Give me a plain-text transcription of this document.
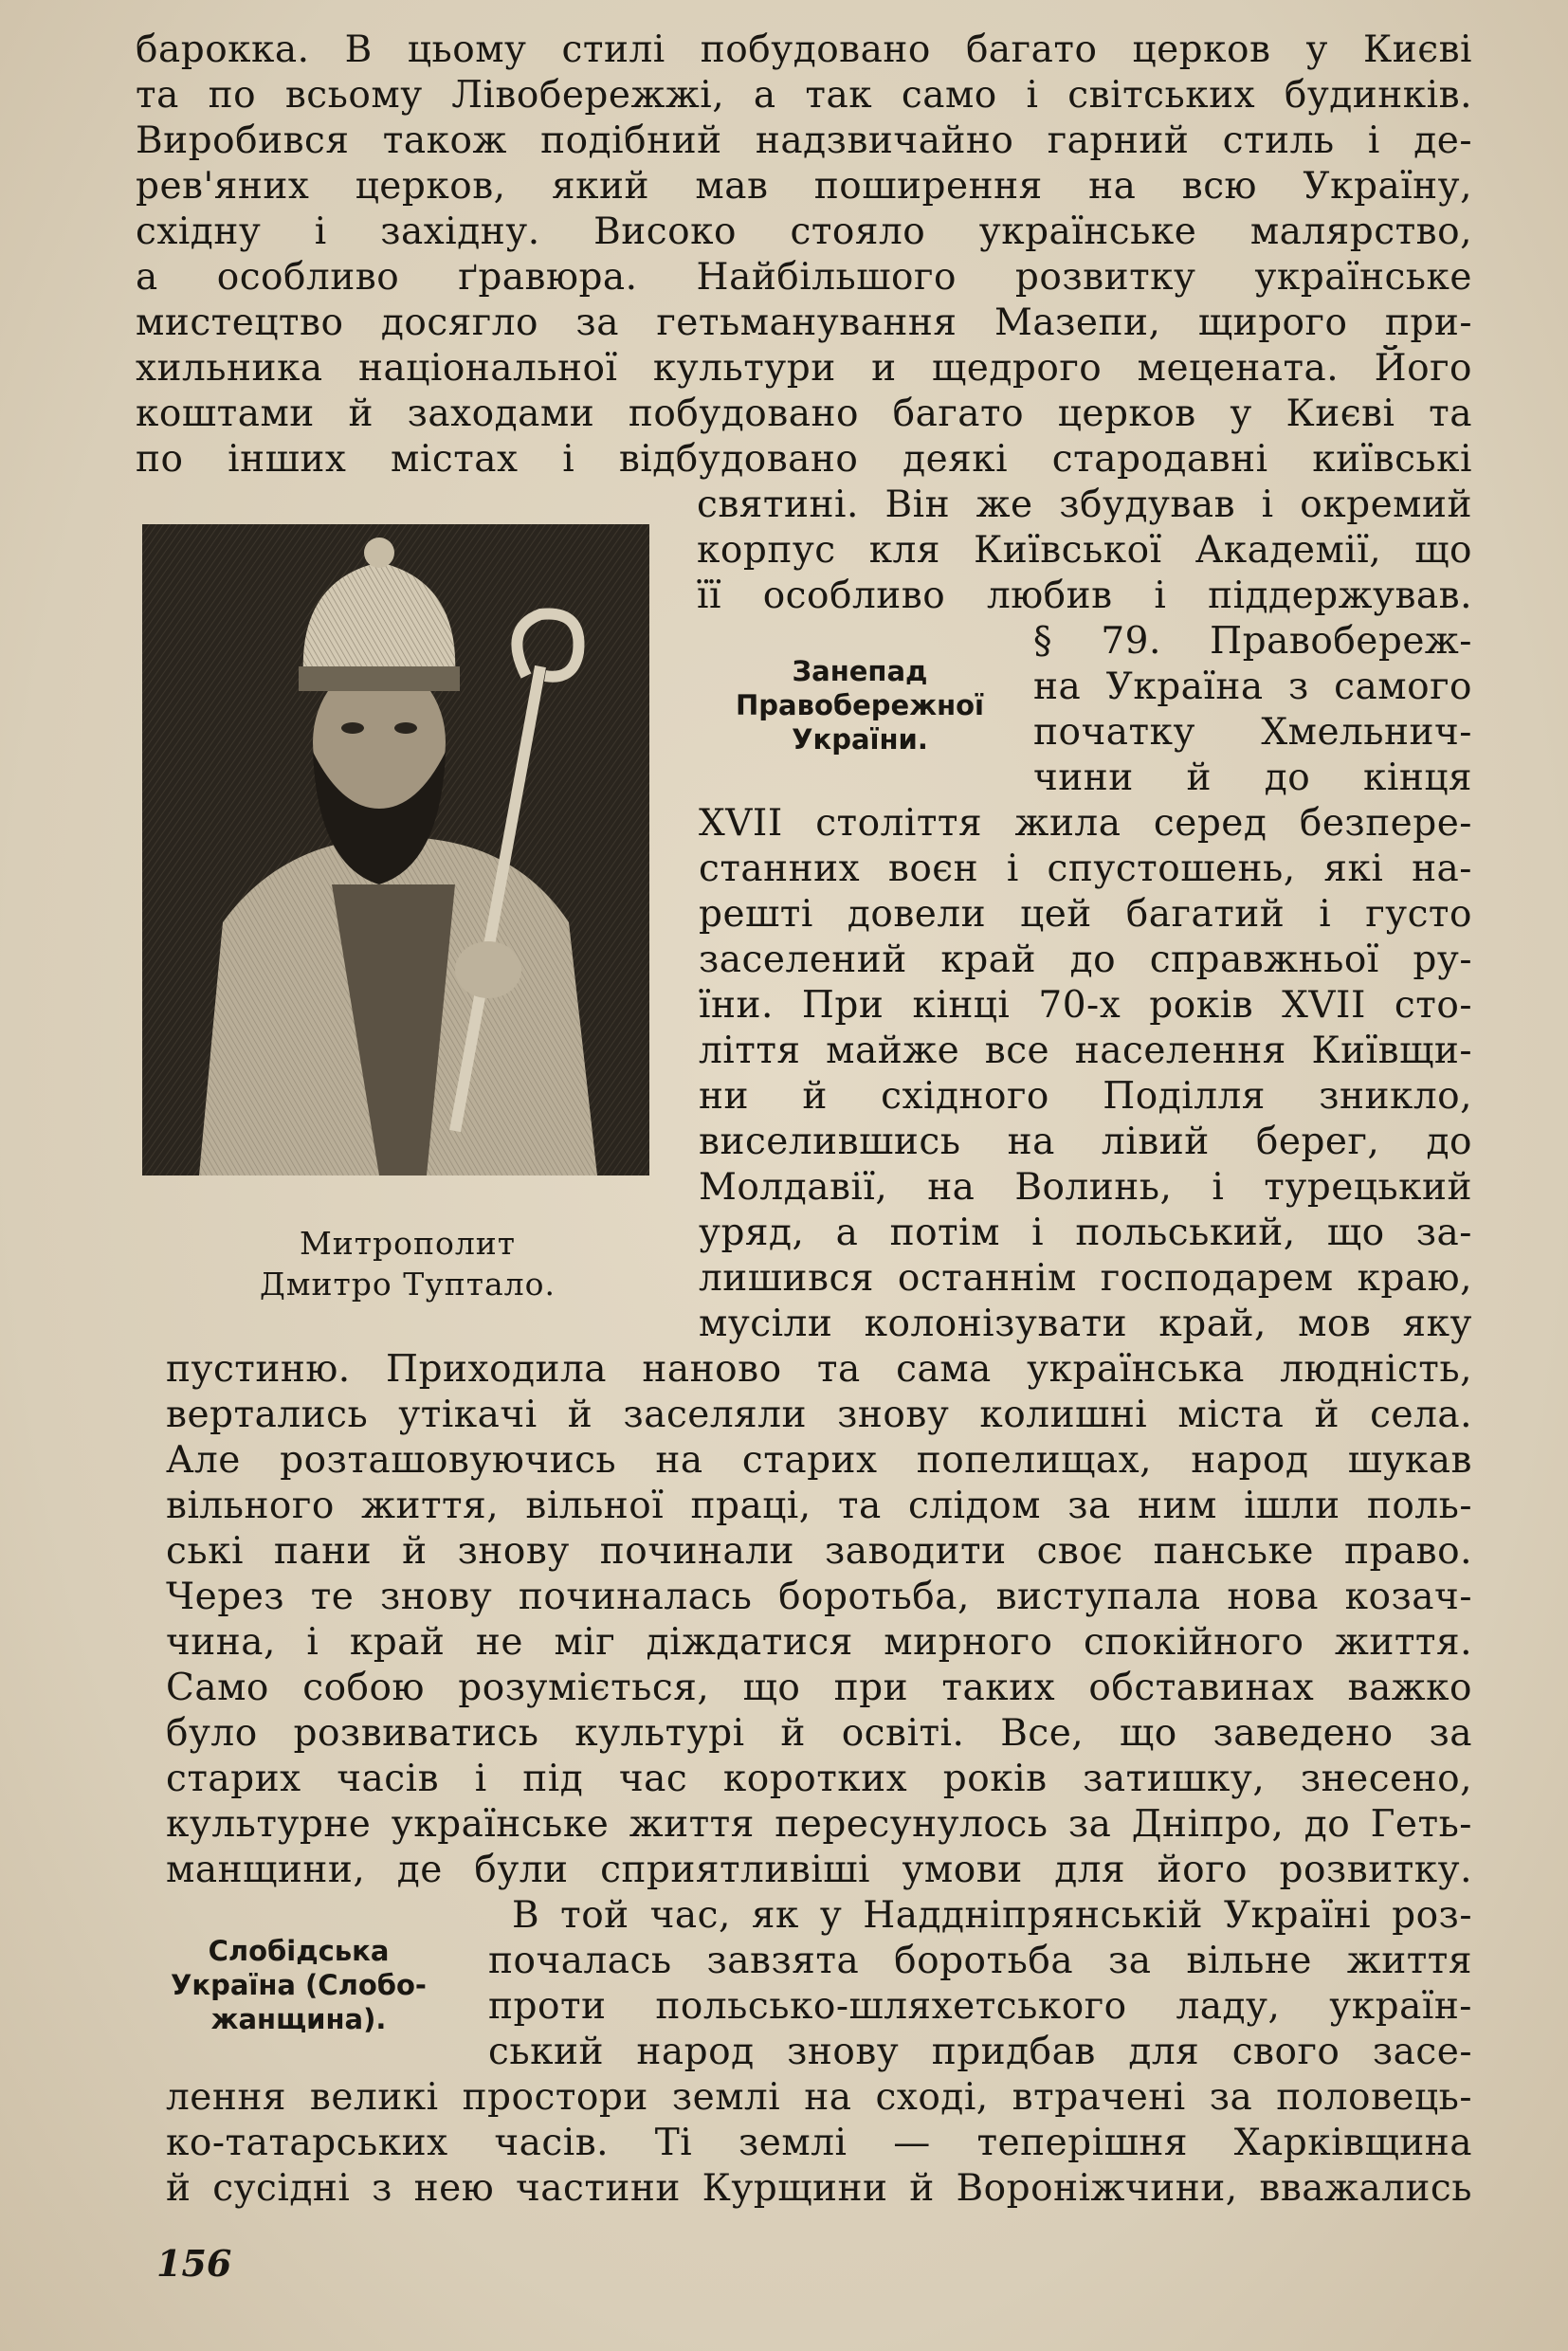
барокка. В цьому стилі побудовано багато церков у Києві
та по всьому Лівобережжі, а так само і світських будинків.
Виробився також подібний надзвичайно гарний стиль і де-
рев'яних церков, який мав поширення на всю Україну,
східну і західну. Високо стояло українське малярство,
а особливо ґравюра. Найбільшого розвитку українське
мистецтво досягло за гетьманування Мазепи, щирого при-
хильника національної культури и щедрого мецената. Його
коштами й заходами побудовано багато церков у Києві та
по інших містах і відбудовано деякі стародавні київські
Митрополит
Дмитро Туптало.
святині. Він же збудував і окремий
корпус кля Київської Академії, що
її особливо любив і піддержував.
Занепад
Правобережної
України.
§ 79. Правобереж-
на Україна з самого
початку Хмельнич-
чини й до кінця
XVII століття жила серед безпере-
станних воєн і спустошень, які на-
решті довели цей багатий і густо
заселений край до справжньої ру-
їни. При кінці 70-х років XVII сто-
ліття майже все населення Київщи-
ни й східного Поділля зникло,
виселившись на лівий берег, до
Молдавії, на Волинь, і турецький
уряд, а потім і польський, що за-
лишився останнім господарем краю,
мусіли колонізувати край, мов яку
пустиню. Приходила наново та сама українська людність,
вертались утікачі й заселяли знову колишні міста й села.
Але розташовуючись на старих попелищах, народ шукав
вільного життя, вільної праці, та слідом за ним ішли поль-
ські пани й знову починали заводити своє панське право.
Через те знову починалась боротьба, виступала нова козач-
чина, і край не міг діждатися мирного спокійного життя.
Само собою розуміється, що при таких обставинах важко
було розвиватись культурі й освіті. Все, що заведено за
старих часів і під час коротких років затишку, знесено,
культурне українське життя пересунулось за Дніпро, до Геть-
манщини, де були сприятливіші умови для його розвитку.
Слобідська
Україна (Слобо-
жанщина).
В той час, як у Наддніпрянській Україні роз-
почалась завзята боротьба за вільне життя
проти польсько-шляхетського ладу, україн-
ський народ знову придбав для свого засе-
лення великі простори землі на сході, втрачені за половець-
ко-татарських часів. Ті землі — теперішня Харківщина
й сусідні з нею частини Курщини й Вороніжчини, вважались
156
